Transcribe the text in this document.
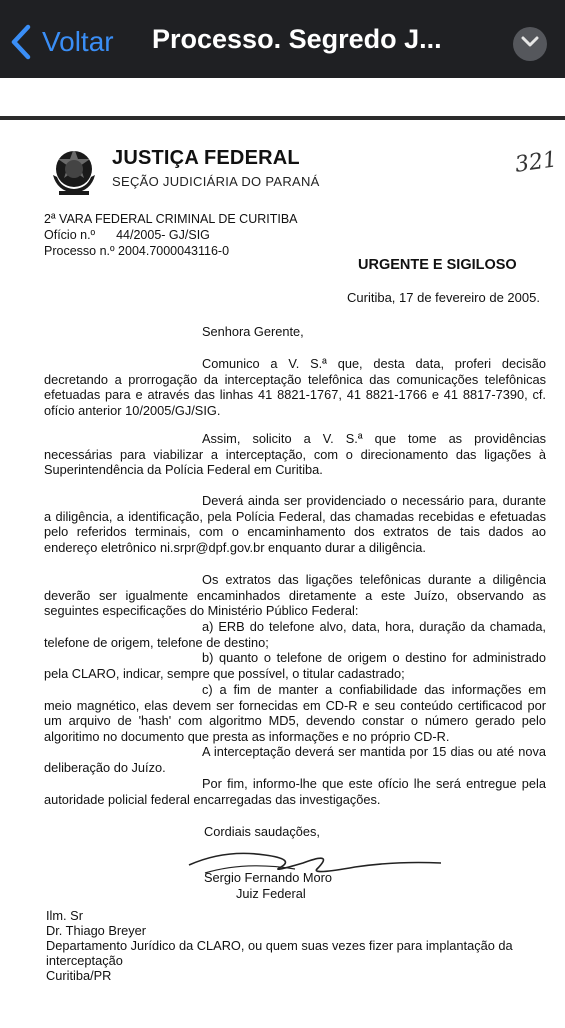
Voltar Processo. Segredo J...
JUSTIÇA FEDERAL
SEÇÃO JUDICIÁRIA DO PARANÁ
321
2ª VARA FEDERAL CRIMINAL DE CURITIBA
Ofício n.º 44/2005- GJ/SIG
Processo n.º 2004.7000043116-0
URGENTE E SIGILOSO
Curitiba, 17 de fevereiro de 2005.

Senhora Gerente,

Comunico a V. S.ª que, desta data, proferi decisão decretando a prorrogação da interceptação telefônica das comunicações telefônicas efetuadas para e através das linhas 41 8821-1767, 41 8821-1766 e 41 8817-7390, cf. ofício anterior 10/2005/GJ/SIG.

Assim, solicito a V. S.ª que tome as providências necessárias para viabilizar a interceptação, com o direcionamento das ligações à Superintendência da Polícia Federal em Curitiba.

Deverá ainda ser providenciado o necessário para, durante a diligência, a identificação, pela Polícia Federal, das chamadas recebidas e efetuadas pelo referidos terminais, com o encaminhamento dos extratos de tais dados ao endereço eletrônico ni.srpr@dpf.gov.br enquanto durar a diligência.

Os extratos das ligações telefônicas durante a diligência deverão ser igualmente encaminhados diretamente a este Juízo, observando as seguintes especificações do Ministério Público Federal:

a) ERB do telefone alvo, data, hora, duração da chamada, telefone de origem, telefone de destino;

b) quanto o telefone de origem o destino for administrado pela CLARO, indicar, sempre que possível, o titular cadastrado;

c) a fim de manter a confiabilidade das informações em meio magnético, elas devem ser fornecidas em CD-R e seu conteúdo certificacod por um arquivo de 'hash' com algoritmo MD5, devendo constar o número gerado pelo algoritimo no documento que presta as informações e no próprio CD-R.

A interceptação deverá ser mantida por 15 dias ou até nova deliberação do Juízo.

Por fim, informo-lhe que este ofício lhe será entregue pela autoridade policial federal encarregadas das investigações.

Cordiais saudações,

Sergio Fernando Moro
Juiz Federal
Ilm. Sr
Dr. Thiago Breyer
Departamento Jurídico da CLARO, ou quem suas vezes fizer para implantação da
interceptação
Curitiba/PR
